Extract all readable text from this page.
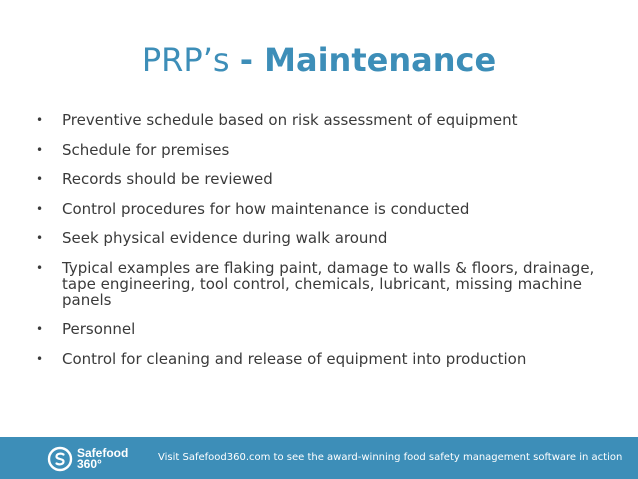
PRP’s - Maintenance
• Preventive schedule based on risk assessment of equipment
• Schedule for premises
• Records should be reviewed
• Control procedures for how maintenance is conducted
• Seek physical evidence during walk around
• Typical examples are flaking paint, damage to walls & floors, drainage, tape engineering, tool control, chemicals, lubricant, missing machine panels
• Personnel
• Control for cleaning and release of equipment into production
Safefood
360°	Visit Safefood360.com to see the award-winning food safety management software in action
